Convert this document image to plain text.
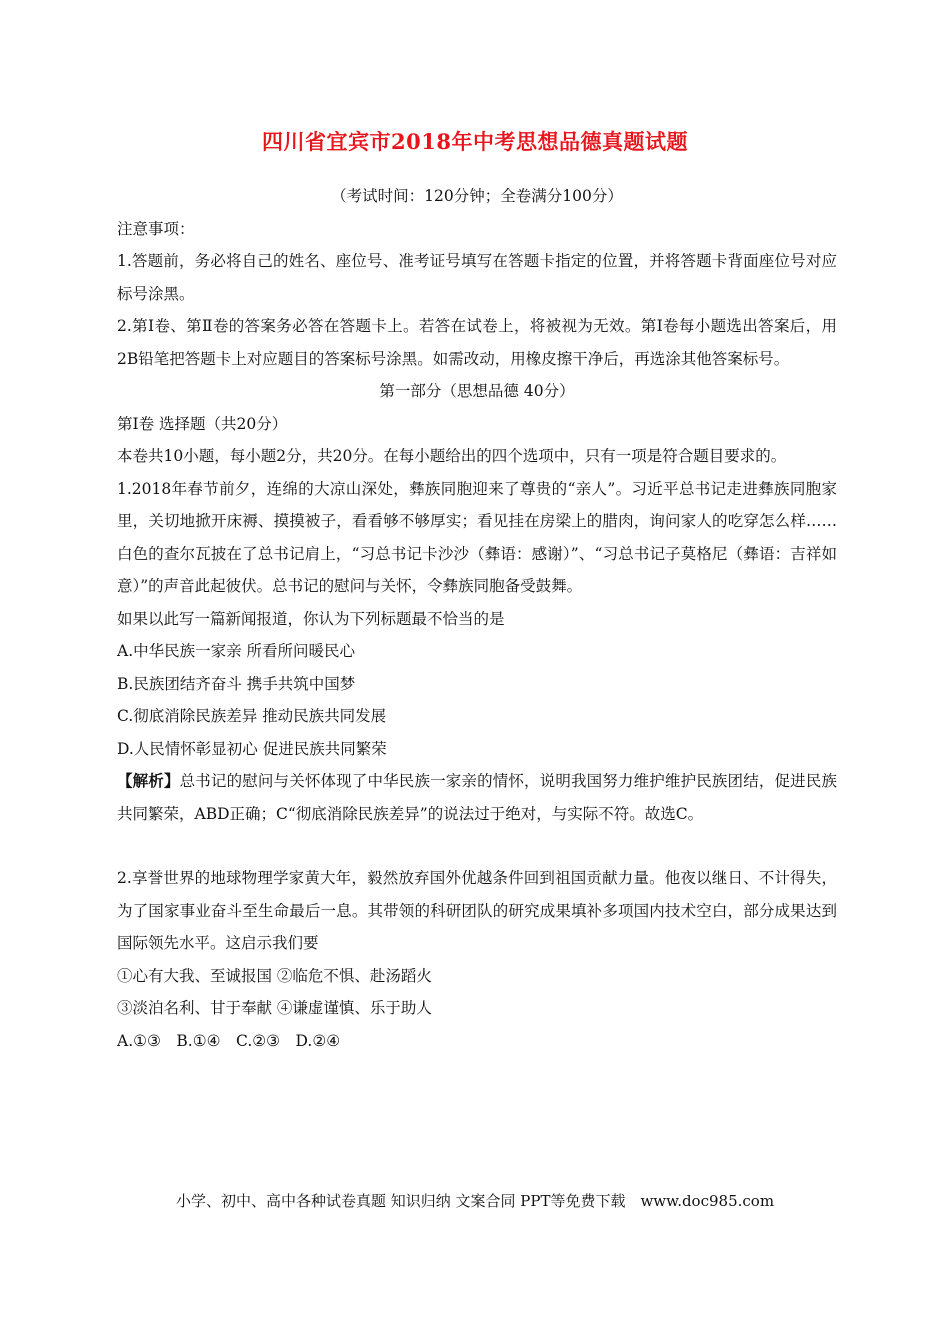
四川省宜宾市2018年中考思想品德真题试题

（考试时间：120分钟；全卷满分100分）

注意事项：

1.答题前，务必将自己的姓名、座位号、准考证号填写在答题卡指定的位置，并将答题卡背面座位号对应标号涂黑。

2.第Ⅰ卷、第Ⅱ卷的答案务必答在答题卡上。若答在试卷上，将被视为无效。第Ⅰ卷每小题选出答案后，用2B铅笔把答题卡上对应题目的答案标号涂黑。如需改动，用橡皮擦干净后，再选涂其他答案标号。

第一部分（思想品德 40分）

第Ⅰ卷 选择题（共20分）

本卷共10小题，每小题2分，共20分。在每小题给出的四个选项中，只有一项是符合题目要求的。

1.2018年春节前夕，连绵的大凉山深处，彝族同胞迎来了尊贵的“亲人”。习近平总书记走进彝族同胞家里，关切地掀开床褥、摸摸被子，看看够不够厚实；看见挂在房梁上的腊肉，询问家人的吃穿怎么样……白色的查尔瓦披在了总书记肩上，“习总书记卡沙沙（彝语：感谢）”、“习总书记子莫格尼（彝语：吉祥如意）”的声音此起彼伏。总书记的慰问与关怀，令彝族同胞备受鼓舞。

如果以此写一篇新闻报道，你认为下列标题最不恰当的是

A.中华民族一家亲 所看所问暖民心

B.民族团结齐奋斗 携手共筑中国梦

C.彻底消除民族差异 推动民族共同发展

D.人民情怀彰显初心 促进民族共同繁荣

【解析】总书记的慰问与关怀体现了中华民族一家亲的情怀，说明我国努力维护维护民族团结，促进民族共同繁荣，ABD正确；C“彻底消除民族差异”的说法过于绝对，与实际不符。故选C。

2.享誉世界的地球物理学家黄大年，毅然放弃国外优越条件回到祖国贡献力量。他夜以继日、不计得失，为了国家事业奋斗至生命最后一息。其带领的科研团队的研究成果填补多项国内技术空白，部分成果达到国际领先水平。这启示我们要

①心有大我、至诚报国 ②临危不惧、赴汤蹈火

③淡泊名利、甘于奉献 ④谦虚谨慎、乐于助人

A.①③　B.①④　C.②③　D.②④

小学、初中、高中各种试卷真题 知识归纳 文案合同 PPT等免费下载　www.doc985.com
